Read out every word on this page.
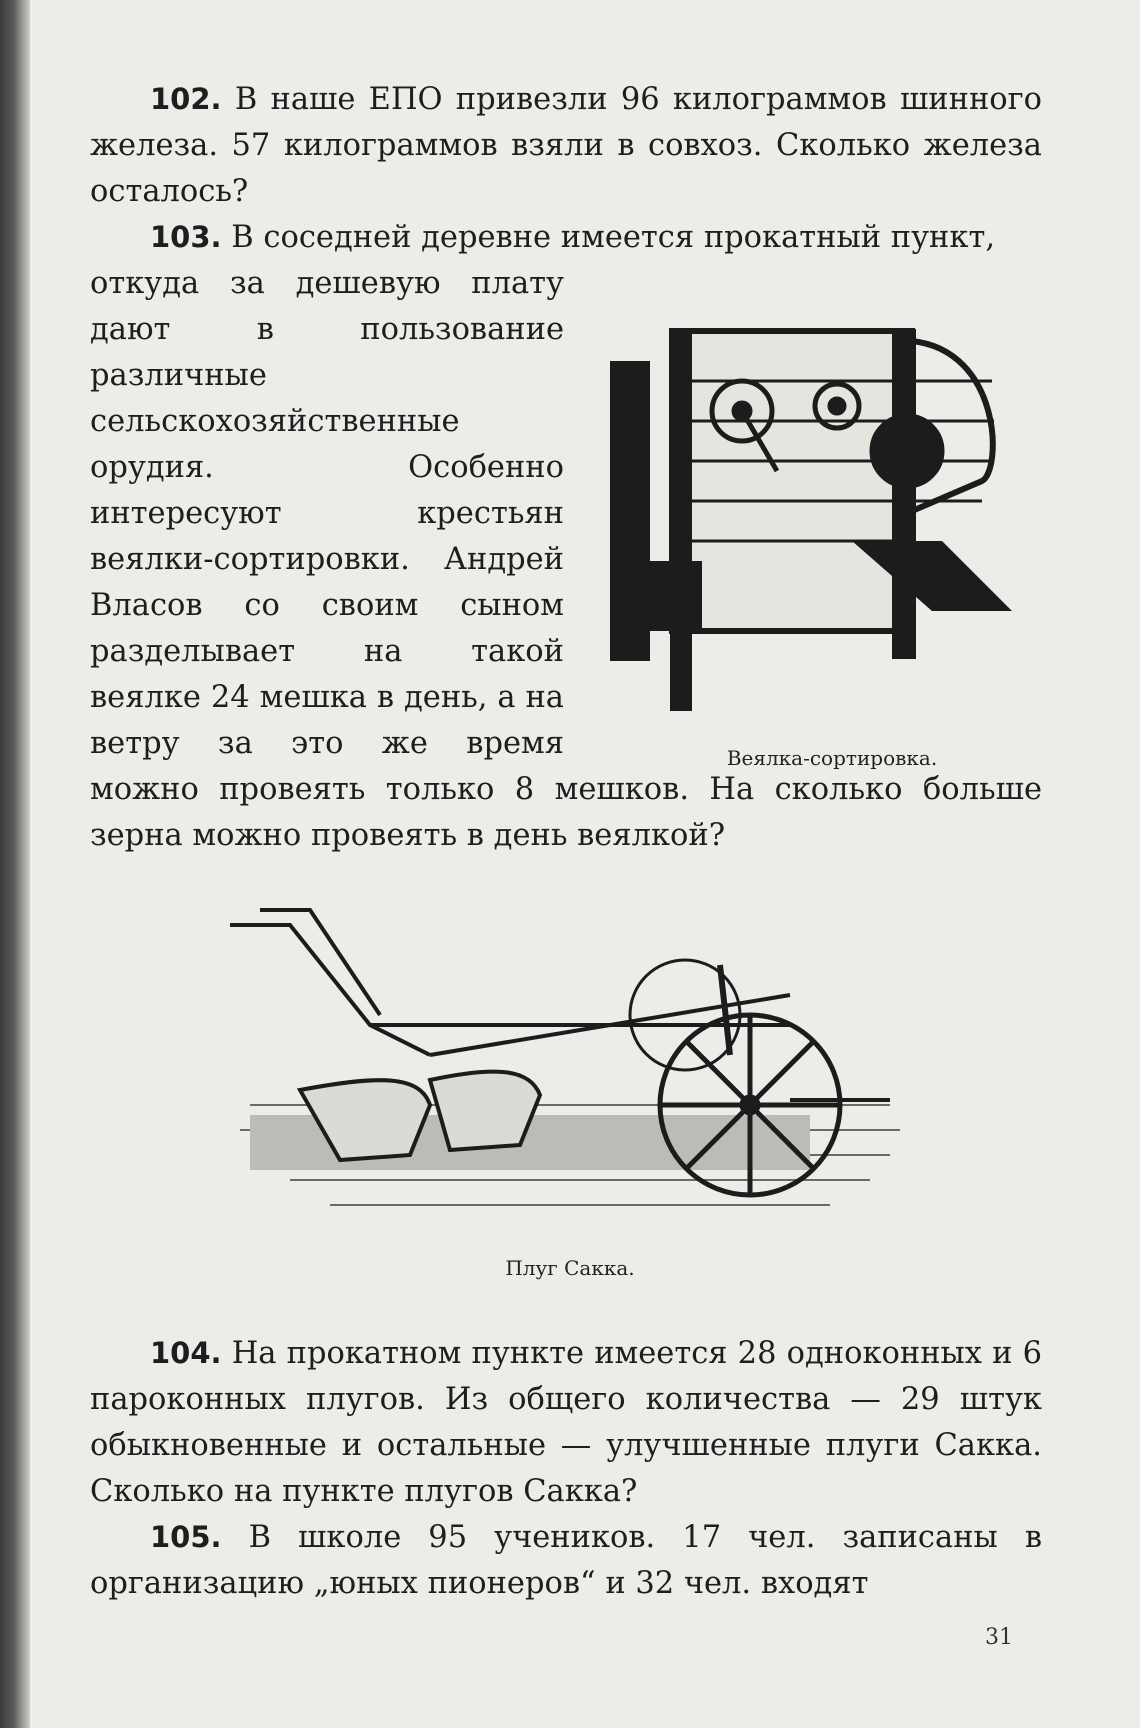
102. В наше ЕПО привезли 96 килограммов шинного железа. 57 килограммов взяли в совхоз. Сколько железа осталось?

103. В соседней деревне имеется прокатный пункт,

Веялка-сортировка.

откуда за дешевую плату дают в пользование различные сельскохозяйственные орудия. Особенно интересуют крестьян веялки-сортировки. Андрей Власов со своим сыном разделывает на такой веялке 24 мешка в день, а на ветру за это же время можно провеять только 8 мешков. На сколько больше зерна можно провеять в день веялкой?

Плуг Сакка.

104. На прокатном пункте имеется 28 одноконных и 6 пароконных плугов. Из общего количества — 29 штук обыкновенные и остальные — улучшенные плуги Сакка. Сколько на пункте плугов Сакка?

105. В школе 95 учеников. 17 чел. записаны в организацию „юных пионеров“ и 32 чел. входят

31
